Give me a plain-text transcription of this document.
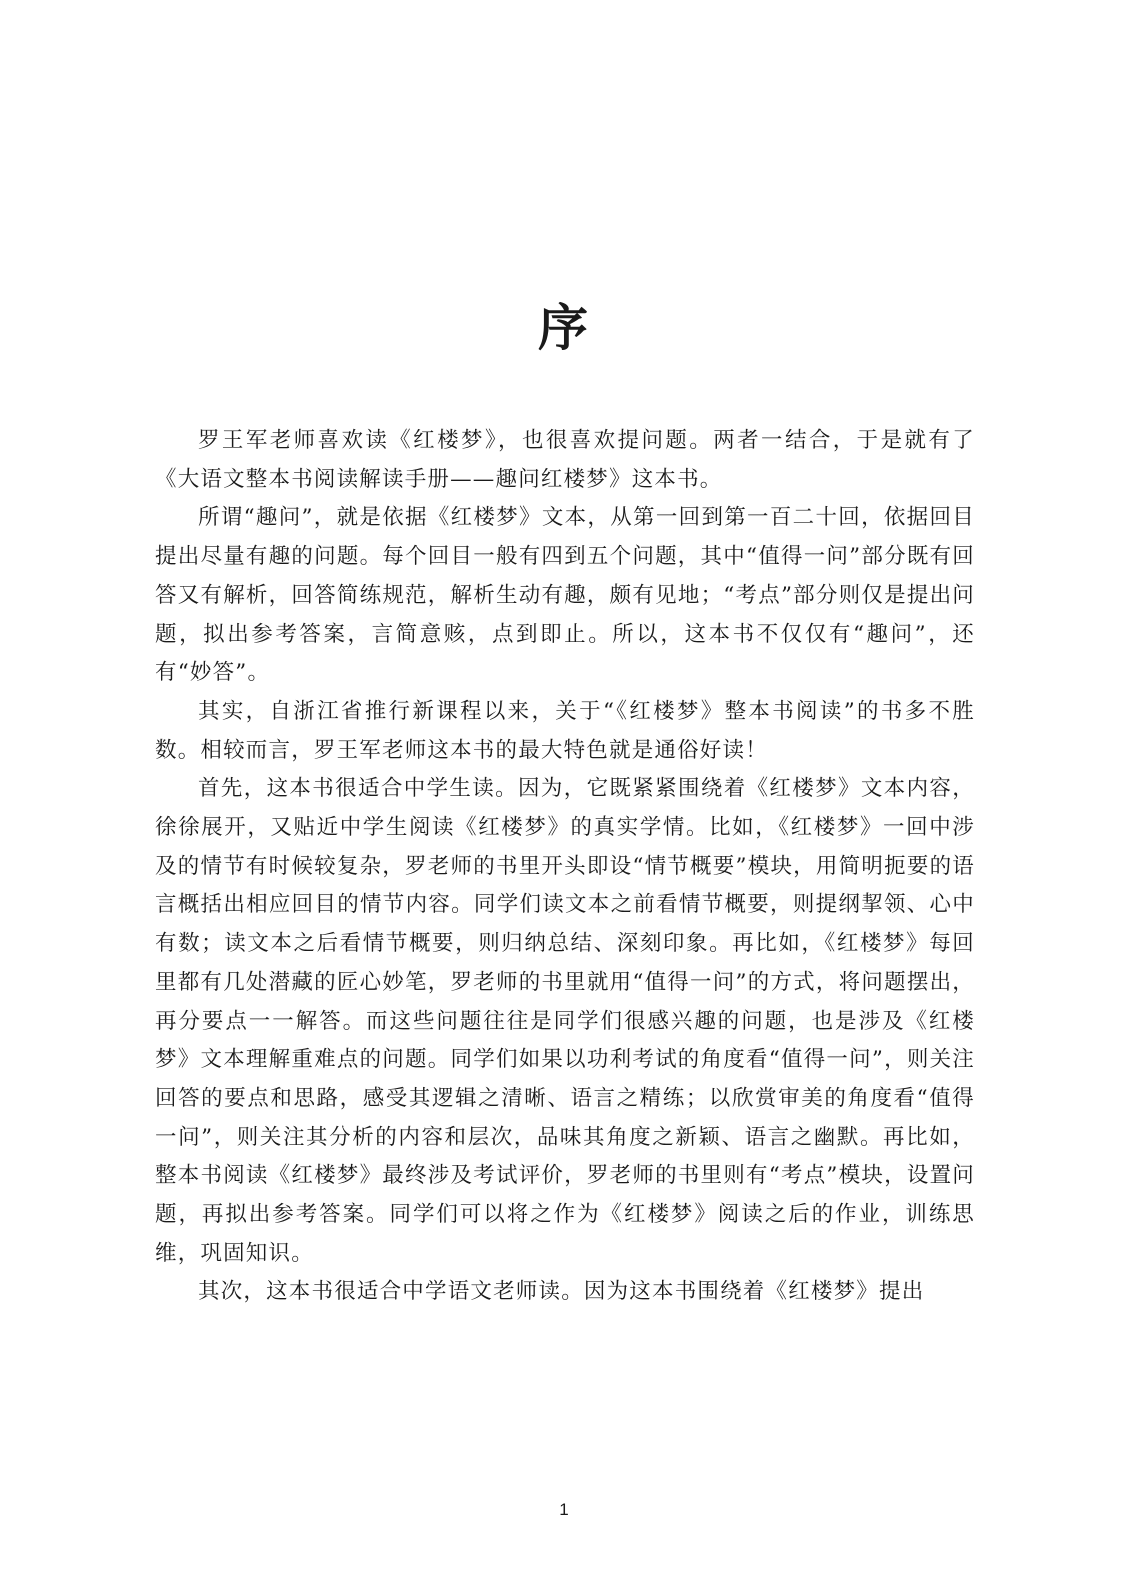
序

罗王军老师喜欢读《红楼梦》，也很喜欢提问题。两者一结合，于是就有了《大语文整本书阅读解读手册——趣问红楼梦》这本书。

所谓“趣问”，就是依据《红楼梦》文本，从第一回到第一百二十回，依据回目提出尽量有趣的问题。每个回目一般有四到五个问题，其中“值得一问”部分既有回答又有解析，回答简练规范，解析生动有趣，颇有见地；“考点”部分则仅是提出问题，拟出参考答案，言简意赅，点到即止。所以，这本书不仅仅有“趣问”，还有“妙答”。

其实，自浙江省推行新课程以来，关于“《红楼梦》整本书阅读”的书多不胜数。相较而言，罗王军老师这本书的最大特色就是通俗好读！

首先，这本书很适合中学生读。因为，它既紧紧围绕着《红楼梦》文本内容，徐徐展开，又贴近中学生阅读《红楼梦》的真实学情。比如，《红楼梦》一回中涉及的情节有时候较复杂，罗老师的书里开头即设“情节概要”模块，用简明扼要的语言概括出相应回目的情节内容。同学们读文本之前看情节概要，则提纲挈领、心中有数；读文本之后看情节概要，则归纳总结、深刻印象。再比如，《红楼梦》每回里都有几处潜藏的匠心妙笔，罗老师的书里就用“值得一问”的方式，将问题摆出，再分要点一一解答。而这些问题往往是同学们很感兴趣的问题，也是涉及《红楼梦》文本理解重难点的问题。同学们如果以功利考试的角度看“值得一问”，则关注回答的要点和思路，感受其逻辑之清晰、语言之精练；以欣赏审美的角度看“值得一问”，则关注其分析的内容和层次，品味其角度之新颖、语言之幽默。再比如，整本书阅读《红楼梦》最终涉及考试评价，罗老师的书里则有“考点”模块，设置问题，再拟出参考答案。同学们可以将之作为《红楼梦》阅读之后的作业，训练思维，巩固知识。

其次，这本书很适合中学语文老师读。因为这本书围绕着《红楼梦》提出

1
